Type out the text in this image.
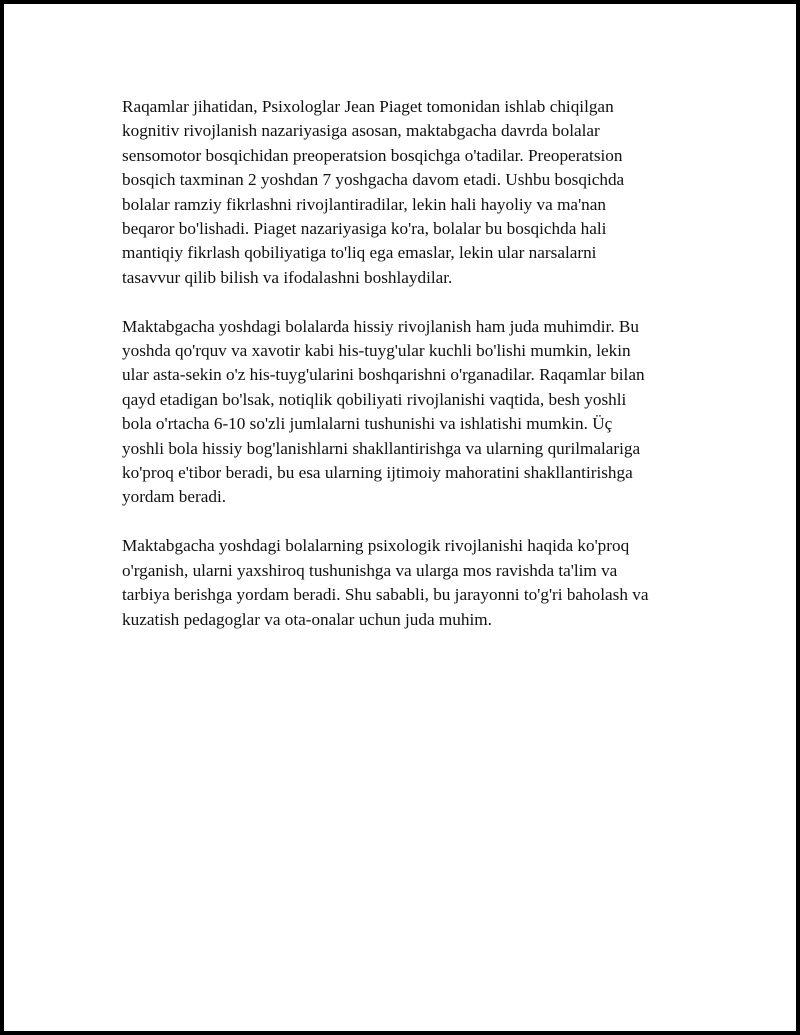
Raqamlar jihatidan, Psixologlar Jean Piaget tomonidan ishlab chiqilgan
kognitiv rivojlanish nazariyasiga asosan, maktabgacha davrda bolalar
sensomotor bosqichidan preoperatsion bosqichga o'tadilar. Preoperatsion
bosqich taxminan 2 yoshdan 7 yoshgacha davom etadi. Ushbu bosqichda
bolalar ramziy fikrlashni rivojlantiradilar, lekin hali hayoliy va ma'nan
beqaror bo'lishadi. Piaget nazariyasiga ko'ra, bolalar bu bosqichda hali
mantiqiy fikrlash qobiliyatiga to'liq ega emaslar, lekin ular narsalarni
tasavvur qilib bilish va ifodalashni boshlaydilar.

Maktabgacha yoshdagi bolalarda hissiy rivojlanish ham juda muhimdir. Bu
yoshda qo'rquv va xavotir kabi his-tuyg'ular kuchli bo'lishi mumkin, lekin
ular asta-sekin o'z his-tuyg'ularini boshqarishni o'rganadilar. Raqamlar bilan
qayd etadigan bo'lsak, notiqlik qobiliyati rivojlanishi vaqtida, besh yoshli
bola o'rtacha 6-10 so'zli jumlalarni tushunishi va ishlatishi mumkin. Üç
yoshli bola hissiy bog'lanishlarni shakllantirishga va ularning qurilmalariga
ko'proq e'tibor beradi, bu esa ularning ijtimoiy mahoratini shakllantirishga
yordam beradi.

Maktabgacha yoshdagi bolalarning psixologik rivojlanishi haqida ko'proq
o'rganish, ularni yaxshiroq tushunishga va ularga mos ravishda ta'lim va
tarbiya berishga yordam beradi. Shu sababli, bu jarayonni to'g'ri baholash va
kuzatish pedagoglar va ota-onalar uchun juda muhim.
